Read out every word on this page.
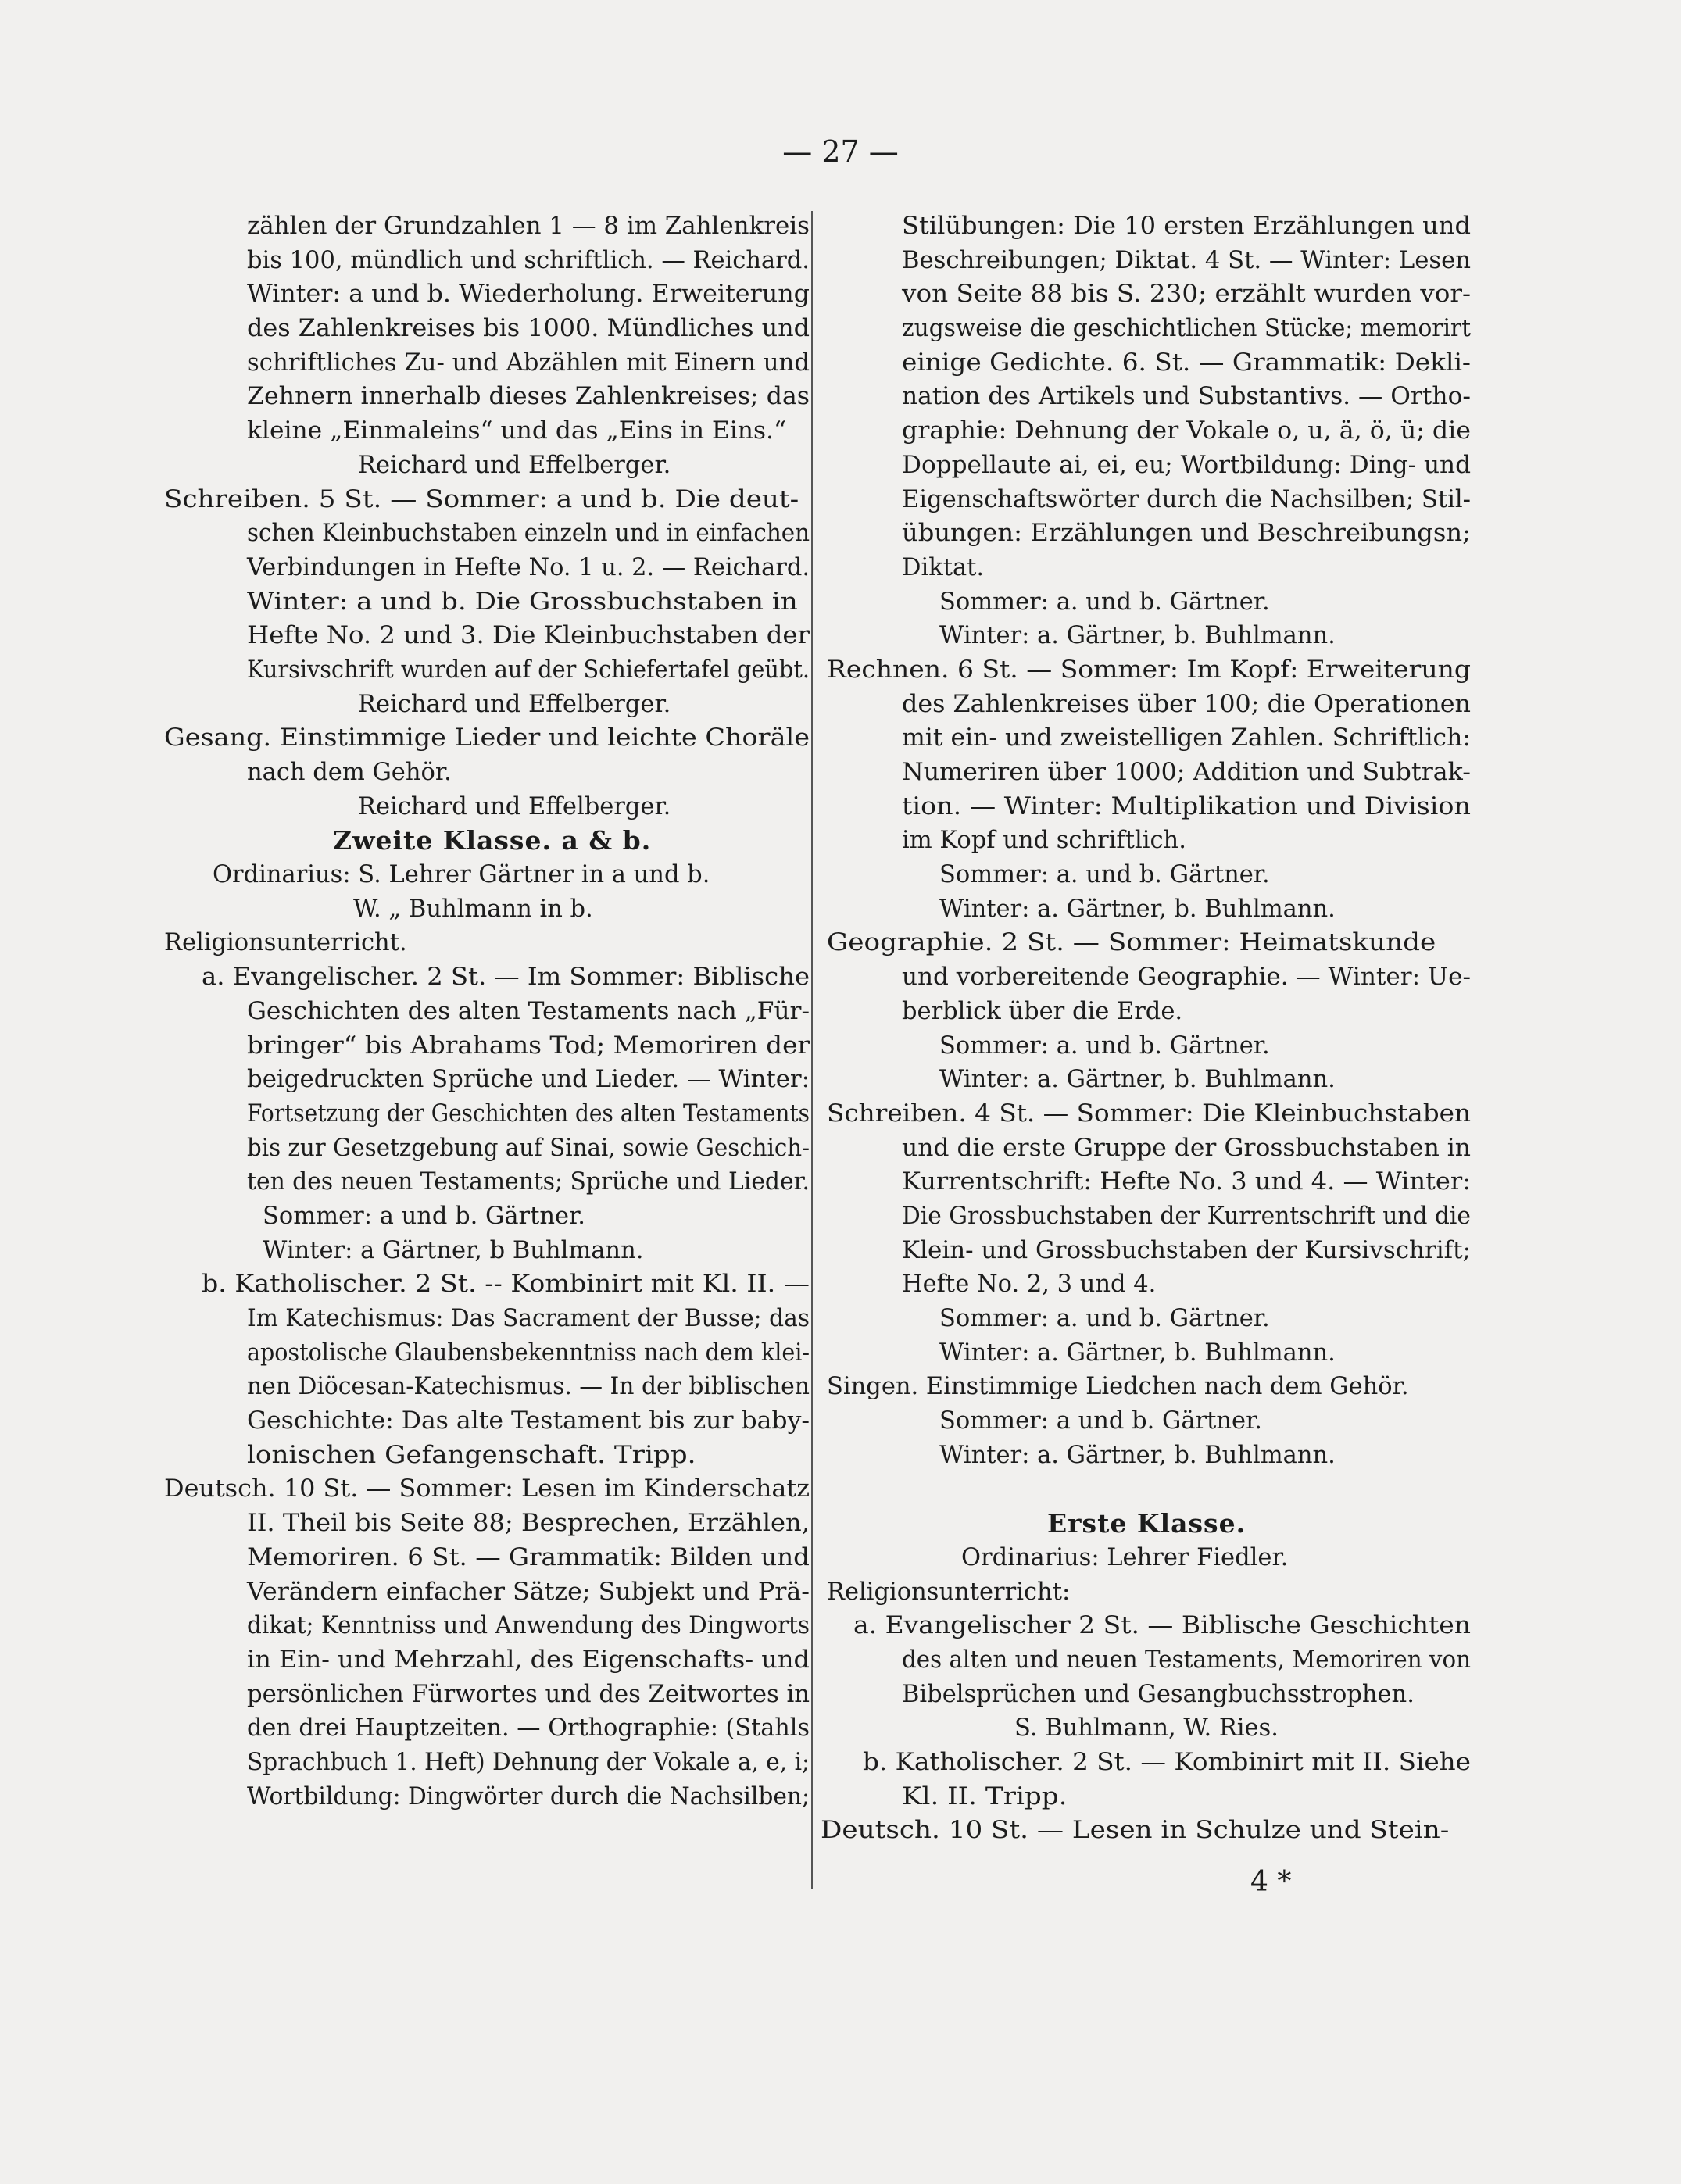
— 27 —
zählen der Grundzahlen 1 — 8 im Zahlenkreis
bis 100, mündlich und schriftlich. — Reichard.
Winter: a und b. Wiederholung. Erweiterung
des Zahlenkreises bis 1000. Mündliches und
schriftliches Zu- und Abzählen mit Einern und
Zehnern innerhalb dieses Zahlenkreises; das
kleine „Einmaleins“ und das „Eins in Eins.“
Reichard und Effelberger.
Schreiben. 5 St. — Sommer: a und b. Die deut-
schen Kleinbuchstaben einzeln und in einfachen
Verbindungen in Hefte No. 1 u. 2. — Reichard.
Winter: a und b. Die Grossbuchstaben in
Hefte No. 2 und 3. Die Kleinbuchstaben der
Kursivschrift wurden auf der Schiefertafel geübt.
Reichard und Effelberger.
Gesang. Einstimmige Lieder und leichte Choräle
nach dem Gehör.
Reichard und Effelberger.
Zweite Klasse. a & b.
Ordinarius: S. Lehrer Gärtner in a und b.
W. „ Buhlmann in b.
Religionsunterricht.
a. Evangelischer. 2 St. — Im Sommer: Biblische
Geschichten des alten Testaments nach „Für-
bringer“ bis Abrahams Tod; Memoriren der
beigedruckten Sprüche und Lieder. — Winter:
Fortsetzung der Geschichten des alten Testaments
bis zur Gesetzgebung auf Sinai, sowie Geschich-
ten des neuen Testaments; Sprüche und Lieder.
Sommer: a und b. Gärtner.
Winter: a Gärtner, b Buhlmann.
b. Katholischer. 2 St. -- Kombinirt mit Kl. II. —
Im Katechismus: Das Sacrament der Busse; das
apostolische Glaubensbekenntniss nach dem klei-
nen Diöcesan-Katechismus. — In der biblischen
Geschichte: Das alte Testament bis zur baby-
lonischen Gefangenschaft. Tripp.
Deutsch. 10 St. — Sommer: Lesen im Kinderschatz
II. Theil bis Seite 88; Besprechen, Erzählen,
Memoriren. 6 St. — Grammatik: Bilden und
Verändern einfacher Sätze; Subjekt und Prä-
dikat; Kenntniss und Anwendung des Dingworts
in Ein- und Mehrzahl, des Eigenschafts- und
persönlichen Fürwortes und des Zeitwortes in
den drei Hauptzeiten. — Orthographie: (Stahls
Sprachbuch 1. Heft) Dehnung der Vokale a, e, i;
Wortbildung: Dingwörter durch die Nachsilben;
Stilübungen: Die 10 ersten Erzählungen und
Beschreibungen; Diktat. 4 St. — Winter: Lesen
von Seite 88 bis S. 230; erzählt wurden vor-
zugsweise die geschichtlichen Stücke; memorirt
einige Gedichte. 6. St. — Grammatik: Dekli-
nation des Artikels und Substantivs. — Ortho-
graphie: Dehnung der Vokale o, u, ä, ö, ü; die
Doppellaute ai, ei, eu; Wortbildung: Ding- und
Eigenschaftswörter durch die Nachsilben; Stil-
übungen: Erzählungen und Beschreibungsn;
Diktat.
Sommer: a. und b. Gärtner.
Winter: a. Gärtner, b. Buhlmann.
Rechnen. 6 St. — Sommer: Im Kopf: Erweiterung
des Zahlenkreises über 100; die Operationen
mit ein- und zweistelligen Zahlen. Schriftlich:
Numeriren über 1000; Addition und Subtrak-
tion. — Winter: Multiplikation und Division
im Kopf und schriftlich.
Sommer: a. und b. Gärtner.
Winter: a. Gärtner, b. Buhlmann.
Geographie. 2 St. — Sommer: Heimatskunde
und vorbereitende Geographie. — Winter: Ue-
berblick über die Erde.
Sommer: a. und b. Gärtner.
Winter: a. Gärtner, b. Buhlmann.
Schreiben. 4 St. — Sommer: Die Kleinbuchstaben
und die erste Gruppe der Grossbuchstaben in
Kurrentschrift: Hefte No. 3 und 4. — Winter:
Die Grossbuchstaben der Kurrentschrift und die
Klein- und Grossbuchstaben der Kursivschrift;
Hefte No. 2, 3 und 4.
Sommer: a. und b. Gärtner.
Winter: a. Gärtner, b. Buhlmann.
Singen. Einstimmige Liedchen nach dem Gehör.
Sommer: a und b. Gärtner.
Winter: a. Gärtner, b. Buhlmann.
Erste Klasse.
Ordinarius: Lehrer Fiedler.
Religionsunterricht:
a. Evangelischer 2 St. — Biblische Geschichten
des alten und neuen Testaments, Memoriren von
Bibelsprüchen und Gesangbuchsstrophen.
S. Buhlmann, W. Ries.
b. Katholischer. 2 St. — Kombinirt mit II. Siehe
Kl. II. Tripp.
Deutsch. 10 St. — Lesen in Schulze und Stein-
4 *
